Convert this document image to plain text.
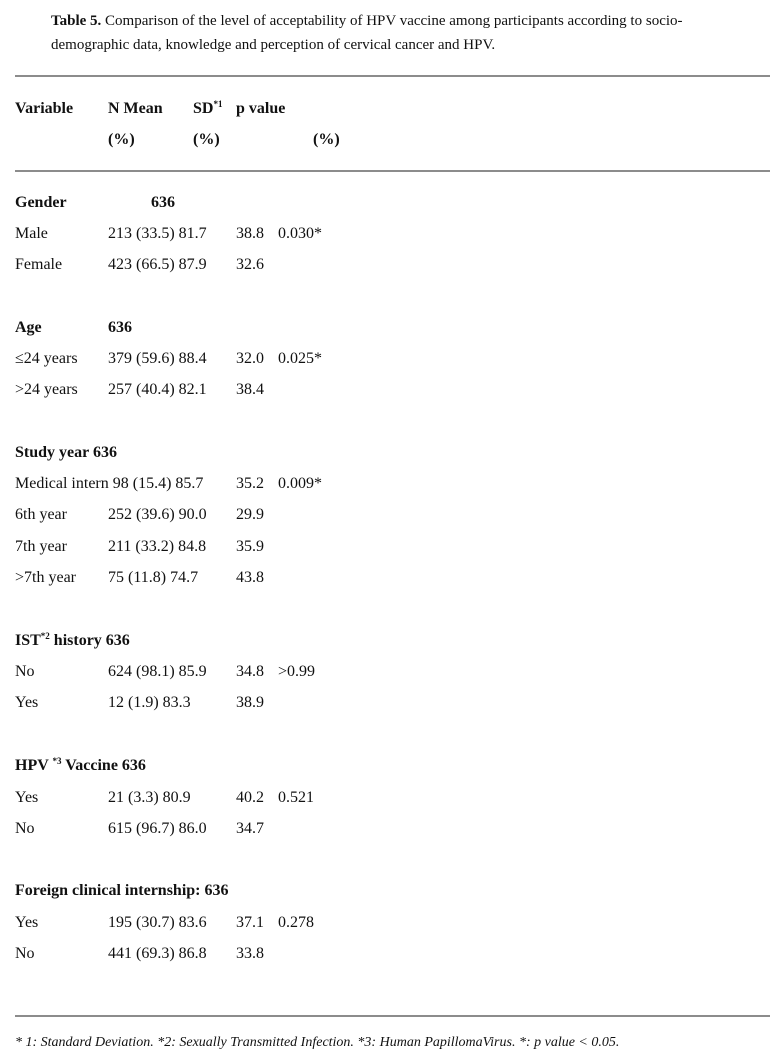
Table 5. Comparison of the level of acceptability of HPV vaccine among participants according to socio-demographic data, knowledge and perception of cervical cancer and HPV.
Variable N Mean SD$^{*1}$ p value
(%)	(%)	(%)
Gender	636
Male	213 (33.5) 81.7 38.8 0.030*
Female	423 (66.5) 87.9 32.6
Age	636
≤24 years 379 (59.6) 88.4 32.0 0.025*
>24 years 257 (40.4) 82.1 38.4
Study year 636
Medical intern 98 (15.4) 85.7 35.2 0.009*
6th year	252 (39.6) 90.0 29.9
7th year	211 (33.2) 84.8 35.9
>7th year 75 (11.8) 74.7 43.8
IST$^{*2}$ history 636
No	624 (98.1) 85.9 34.8 >0.99
Yes	12 (1.9) 83.3	38.9
HPV $^{*3}$ Vaccine 636
Yes	21 (3.3) 80.9	40.2 0.521
No	615 (96.7) 86.0 34.7
Foreign clinical internship: 636
Yes	195 (30.7) 83.6 37.1 0.278
No	441 (69.3) 86.8 33.8
* 1: Standard Deviation. *2: Sexually Transmitted Infection. *3: Human PapillomaVirus. *: p value < 0.05.
